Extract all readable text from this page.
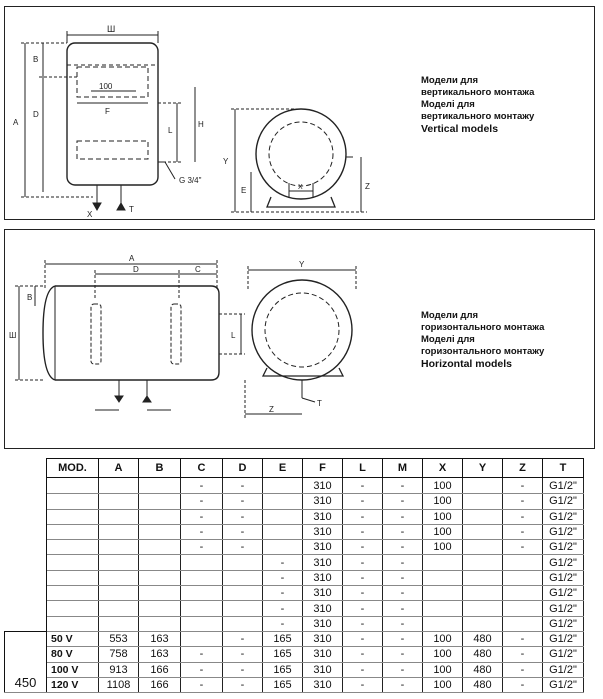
Ш
100
F
A
B
D
L
H
G 3/4"
X
T
Y
E	Z
X
Модели для
вертикального монтажа
Моделі для
вертикального монтажу
Vertical models
A
D	C
Ш
B
L
Y
T
Z
Модели для
горизонтального монтажа
Моделі для
горизонтального монтажу
Horizontal models
	MOD.	A	B	C	D	E	F	L	M	X	Y	Z	T
				-	-		310	-	-	100		-	G1/2"
				-	-		310	-	-	100		-	G1/2"
				-	-		310	-	-	100		-	G1/2"
				-	-		310	-	-	100		-	G1/2"
				-	-		310	-	-	100		-	G1/2"
						-	310	-	-				G1/2"
						-	310	-	-				G1/2"
						-	310	-	-				G1/2"
						-	310	-	-				G1/2"
						-	310	-	-				G1/2"
450	50 V	553	163		-	165	310	-	-	100	480	-	G1/2"
	80 V	758	163	-	-	165	310	-	-	100	480	-	G1/2"
	100 V	913	166	-	-	165	310	-	-	100	480	-	G1/2"
	120 V	1108	166	-	-	165	310	-	-	100	480	-	G1/2"
